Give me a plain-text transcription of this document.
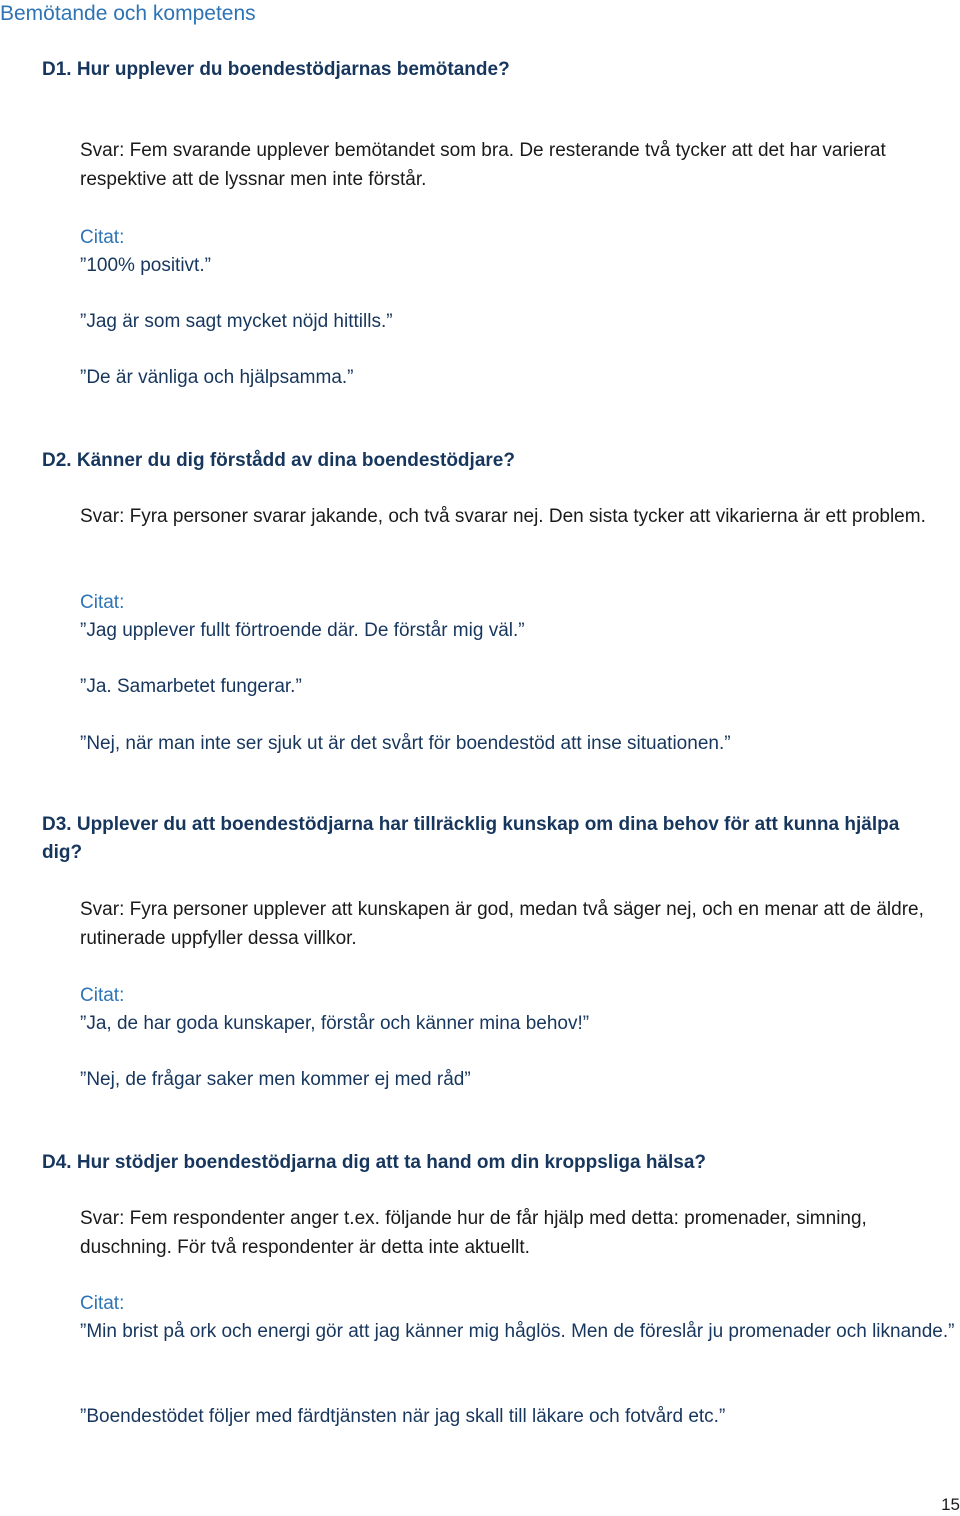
Bemötande och kompetens
D1. Hur upplever du boendestödjarnas bemötande?
Svar: Fem svarande upplever bemötandet som bra. De resterande två tycker att det har varierat respektive att de lyssnar men inte förstår.
Citat:
”100% positivt.”
”Jag är som sagt mycket nöjd hittills.”
”De är vänliga och hjälpsamma.”
D2. Känner du dig förstådd av dina boendestödjare?
Svar: Fyra personer svarar jakande, och två svarar nej. Den sista tycker att vikarierna är ett problem.
Citat:
”Jag upplever fullt förtroende där. De förstår mig väl.”
”Ja. Samarbetet fungerar.”
”Nej, när man inte ser sjuk ut är det svårt för boendestöd att inse situationen.”
D3. Upplever du att boendestödjarna har tillräcklig kunskap om dina behov för att kunna hjälpa dig?
Svar: Fyra personer upplever att kunskapen är god, medan två säger nej, och en menar att de äldre, rutinerade uppfyller dessa villkor.
Citat:
”Ja, de har goda kunskaper, förstår och känner mina behov!”
”Nej, de frågar saker men kommer ej med råd”
D4. Hur stödjer boendestödjarna dig att ta hand om din kroppsliga hälsa?
Svar: Fem respondenter anger t.ex. följande hur de får hjälp med detta: promenader, simning, duschning. För två respondenter är detta inte aktuellt.
Citat:
”Min brist på ork och energi gör att jag känner mig håglös. Men de föreslår ju promenader och liknande.”
”Boendestödet följer med färdtjänsten när jag skall till läkare och fotvård etc.”
15
